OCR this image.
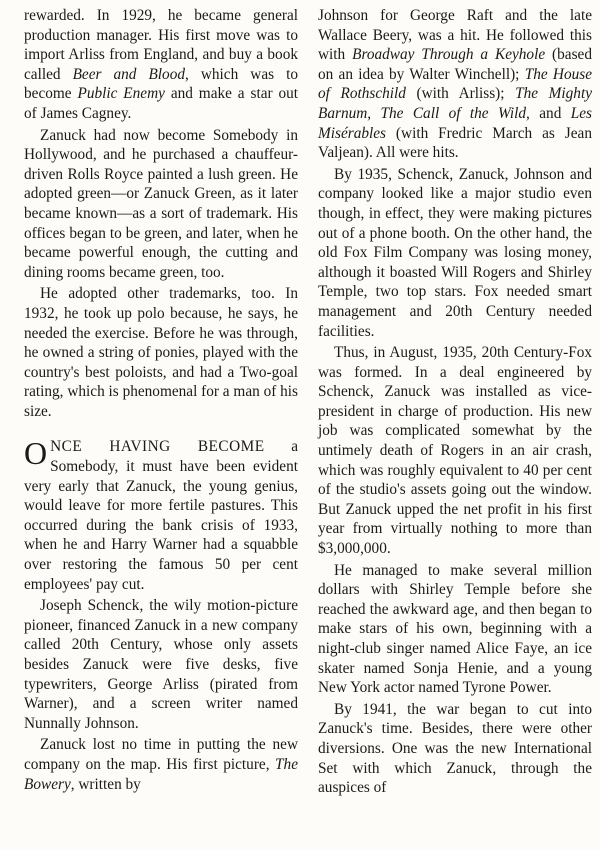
rewarded. In 1929, he became general production manager. His first move was to import Arliss from England, and buy a book called Beer and Blood, which was to become Public Enemy and make a star out of James Cagney.

Zanuck had now become Somebody in Hollywood, and he purchased a chauffeur-driven Rolls Royce painted a lush green. He adopted green—or Zanuck Green, as it later became known—as a sort of trademark. His offices began to be green, and later, when he became powerful enough, the cutting and dining rooms became green, too.

He adopted other trademarks, too. In 1932, he took up polo because, he says, he needed the exercise. Before he was through, he owned a string of ponies, played with the country's best poloists, and had a Two-goal rating, which is phenomenal for a man of his size.

ONCE HAVING BECOME a Somebody, it must have been evident very early that Zanuck, the young genius, would leave for more fertile pastures. This occurred during the bank crisis of 1933, when he and Harry Warner had a squabble over restoring the famous 50 per cent employees' pay cut.

Joseph Schenck, the wily motion-picture pioneer, financed Zanuck in a new company called 20th Century, whose only assets besides Zanuck were five desks, five typewriters, George Arliss (pirated from Warner), and a screen writer named Nunnally Johnson.

Zanuck lost no time in putting the new company on the map. His first picture, The Bowery, written by

Johnson for George Raft and the late Wallace Beery, was a hit. He followed this with Broadway Through a Keyhole (based on an idea by Walter Winchell); The House of Rothschild (with Arliss); The Mighty Barnum, The Call of the Wild, and Les Misérables (with Fredric March as Jean Valjean). All were hits.

By 1935, Schenck, Zanuck, Johnson and company looked like a major studio even though, in effect, they were making pictures out of a phone booth. On the other hand, the old Fox Film Company was losing money, although it boasted Will Rogers and Shirley Temple, two top stars. Fox needed smart management and 20th Century needed facilities.

Thus, in August, 1935, 20th Century-Fox was formed. In a deal engineered by Schenck, Zanuck was installed as vice-president in charge of production. His new job was complicated somewhat by the untimely death of Rogers in an air crash, which was roughly equivalent to 40 per cent of the studio's assets going out the window. But Zanuck upped the net profit in his first year from virtually nothing to more than $3,000,000.

He managed to make several million dollars with Shirley Temple before she reached the awkward age, and then began to make stars of his own, beginning with a night-club singer named Alice Faye, an ice skater named Sonja Henie, and a young New York actor named Tyrone Power.

By 1941, the war began to cut into Zanuck's time. Besides, there were other diversions. One was the new International Set with which Zanuck, through the auspices of
